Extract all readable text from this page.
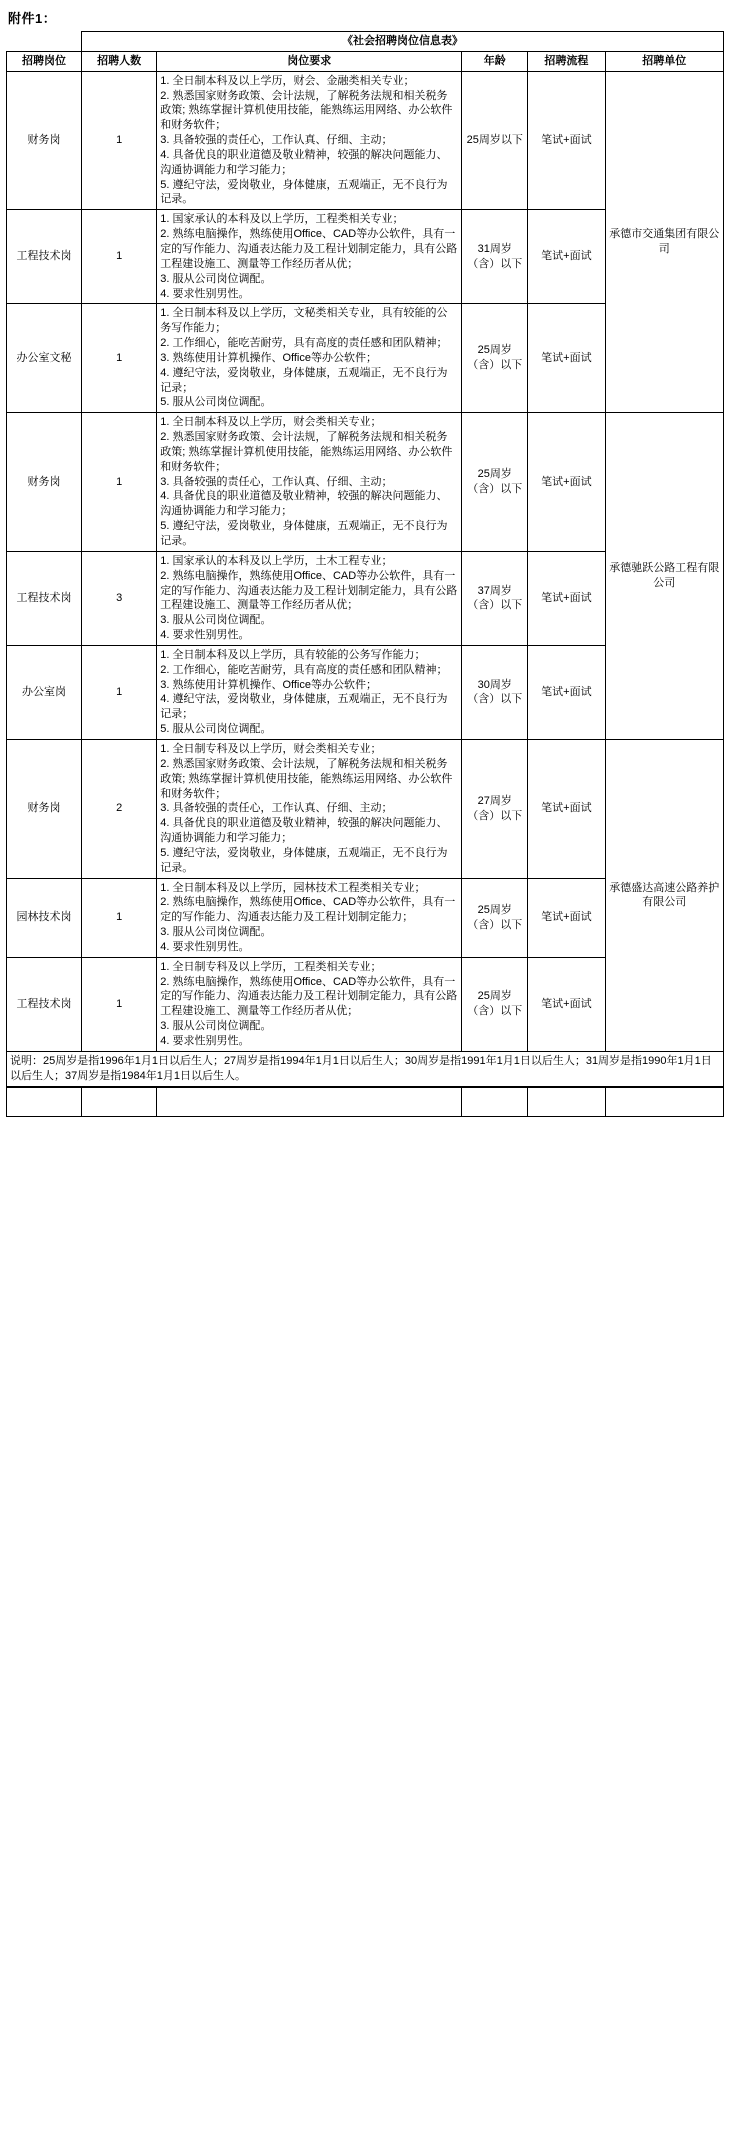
附件1：
	《社会招聘岗位信息表》				
招聘岗位	招聘人数	岗位要求	年龄	招聘流程	招聘单位
财务岗	1	1. 全日制本科及以上学历，财会、金融类相关专业；
2. 熟悉国家财务政策、会计法规，了解税务法规和相关税务政策; 熟练掌握计算机使用技能，能熟练运用网络、办公软件和财务软件；
3. 具备较强的责任心，工作认真、仔细、主动；
4. 具备优良的职业道德及敬业精神，较强的解决问题能力、沟通协调能力和学习能力；
5. 遵纪守法，爱岗敬业，身体健康，五观端正，无不良行为记录。	25周岁以下	笔试+面试	承德市交通集团有限公司
工程技术岗	1	1. 国家承认的本科及以上学历，工程类相关专业；
2. 熟练电脑操作，熟练使用Office、CAD等办公软件，具有一定的写作能力、沟通表达能力及工程计划制定能力，具有公路工程建设施工、测量等工作经历者从优；
3. 服从公司岗位调配。
4. 要求性别男性。	31周岁（含）以下	笔试+面试	
办公室文秘	1	1. 全日制本科及以上学历，文秘类相关专业，具有较能的公务写作能力；
2. 工作细心，能吃苦耐劳，具有高度的责任感和团队精神；
3. 熟练使用计算机操作、Office等办公软件；
4. 遵纪守法，爱岗敬业，身体健康，五观端正，无不良行为记录；
5. 服从公司岗位调配。	25周岁（含）以下	笔试+面试	
财务岗	1	1. 全日制本科及以上学历，财会类相关专业；
2. 熟悉国家财务政策、会计法规，了解税务法规和相关税务政策; 熟练掌握计算机使用技能，能熟练运用网络、办公软件和财务软件；
3. 具备较强的责任心，工作认真、仔细、主动；
4. 具备优良的职业道德及敬业精神，较强的解决问题能力、沟通协调能力和学习能力；
5. 遵纪守法，爱岗敬业，身体健康，五观端正，无不良行为记录。	25周岁（含）以下	笔试+面试	承德驰跃公路工程有限公司
工程技术岗	3	1. 国家承认的本科及以上学历，土木工程专业；
2. 熟练电脑操作，熟练使用Office、CAD等办公软件，具有一定的写作能力、沟通表达能力及工程计划制定能力，具有公路工程建设施工、测量等工作经历者从优；
3. 服从公司岗位调配。
4. 要求性别男性。	37周岁（含）以下	笔试+面试	
办公室岗	1	1. 全日制本科及以上学历，具有较能的公务写作能力；
2. 工作细心，能吃苦耐劳，具有高度的责任感和团队精神；
3. 熟练使用计算机操作、Office等办公软件；
4. 遵纪守法，爱岗敬业，身体健康，五观端正，无不良行为记录；
5. 服从公司岗位调配。	30周岁（含）以下	笔试+面试	
财务岗	2	1. 全日制专科及以上学历，财会类相关专业；
2. 熟悉国家财务政策、会计法规，了解税务法规和相关税务政策; 熟练掌握计算机使用技能，能熟练运用网络、办公软件和财务软件；
3. 具备较强的责任心，工作认真、仔细、主动；
4. 具备优良的职业道德及敬业精神，较强的解决问题能力、沟通协调能力和学习能力；
5. 遵纪守法，爱岗敬业，身体健康，五观端正，无不良行为记录。	27周岁（含）以下	笔试+面试	承德盛达高速公路养护有限公司
园林技术岗	1	1. 全日制本科及以上学历，园林技术工程类相关专业；
2. 熟练电脑操作，熟练使用Office、CAD等办公软件，具有一定的写作能力、沟通表达能力及工程计划制定能力；
3. 服从公司岗位调配。
4. 要求性别男性。	25周岁（含）以下	笔试+面试	
工程技术岗	1	1. 全日制专科及以上学历，工程类相关专业；
2. 熟练电脑操作，熟练使用Office、CAD等办公软件，具有一定的写作能力、沟通表达能力及工程计划制定能力，具有公路工程建设施工、测量等工作经历者从优；
3. 服从公司岗位调配。
4. 要求性别男性。	25周岁（含）以下	笔试+面试	
说明：25周岁是指1996年1月1日以后生人；27周岁是指1994年1月1日以后生人；30周岁是指1991年1月1日以后生人；31周岁是指1990年1月1日以后生人；37周岁是指1984年1月1日以后生人。					
